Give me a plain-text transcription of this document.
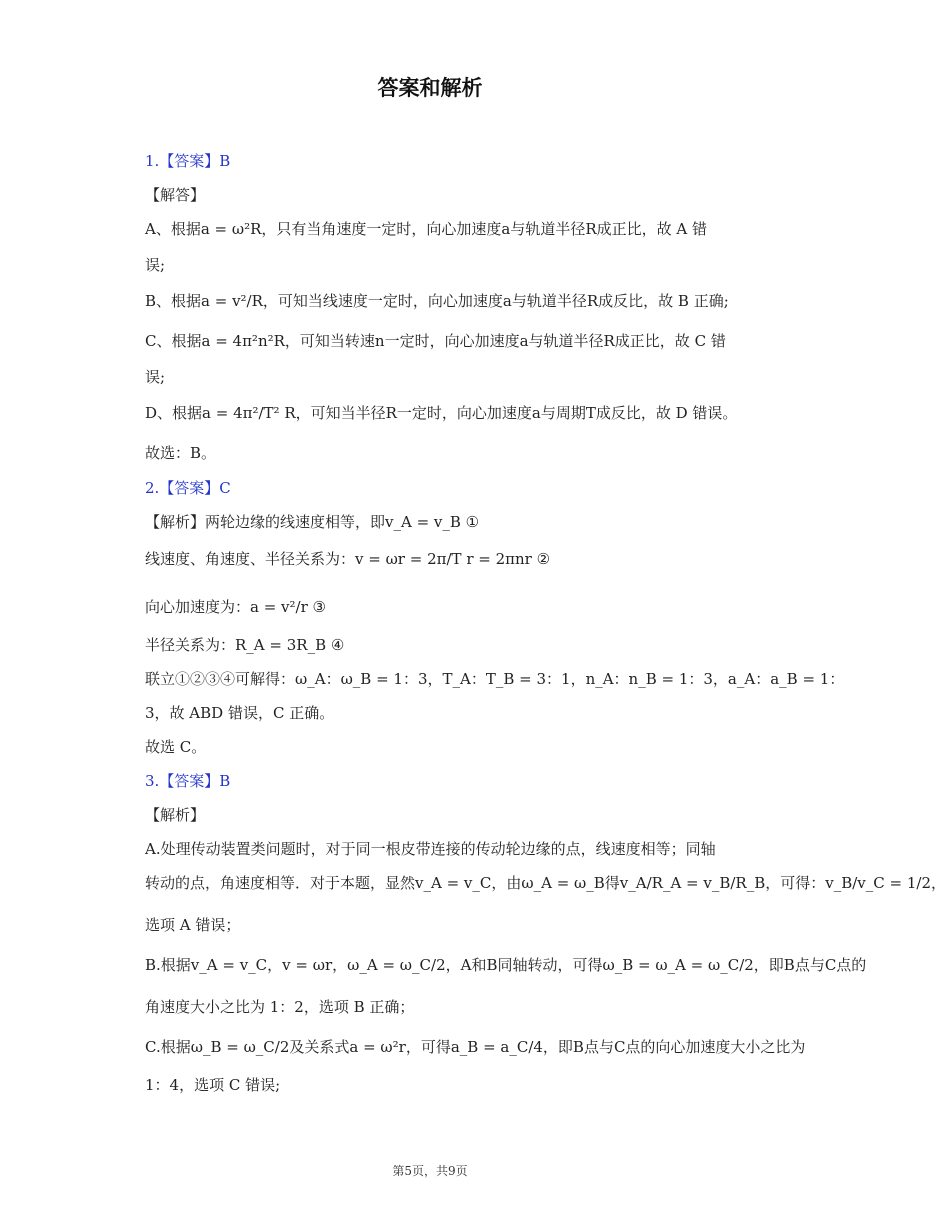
答案和解析
1.【答案】B
【解答】
A、根据a = ω²R，只有当角速度一定时，向心加速度a与轨道半径R成正比，故 A 错
误;
B、根据a = v²/R，可知当线速度一定时，向心加速度a与轨道半径R成反比，故 B 正确;
C、根据a = 4π²n²R，可知当转速n一定时，向心加速度a与轨道半径R成正比，故 C 错
误;
D、根据a = 4π²/T² R，可知当半径R一定时，向心加速度a与周期T成反比，故 D 错误。
故选：B。
2.【答案】C
【解析】两轮边缘的线速度相等，即v_A = v_B ①
线速度、角速度、半径关系为：v = ωr = 2π/T r = 2πnr ②
向心加速度为：a = v²/r ③
半径关系为：R_A = 3R_B ④
联立①②③④可解得：ω_A：ω_B = 1：3，T_A：T_B = 3：1，n_A：n_B = 1：3，a_A：a_B = 1：
3，故 ABD 错误，C 正确。
故选 C。
3.【答案】B
【解析】
A.处理传动装置类问题时，对于同一根皮带连接的传动轮边缘的点，线速度相等；同轴
转动的点，角速度相等．对于本题，显然v_A = v_C，由ω_A = ω_B得v_A/R_A = v_B/R_B，可得：v_B/v_C = 1/2，
选项 A 错误；
B.根据v_A = v_C，v = ωr，ω_A = ω_C/2，A和B同轴转动，可得ω_B = ω_A = ω_C/2，即B点与C点的
角速度大小之比为 1：2，选项 B 正确；
C.根据ω_B = ω_C/2及关系式a = ω²r，可得a_B = a_C/4，即B点与C点的向心加速度大小之比为
1：4，选项 C 错误;
第5页，共9页
